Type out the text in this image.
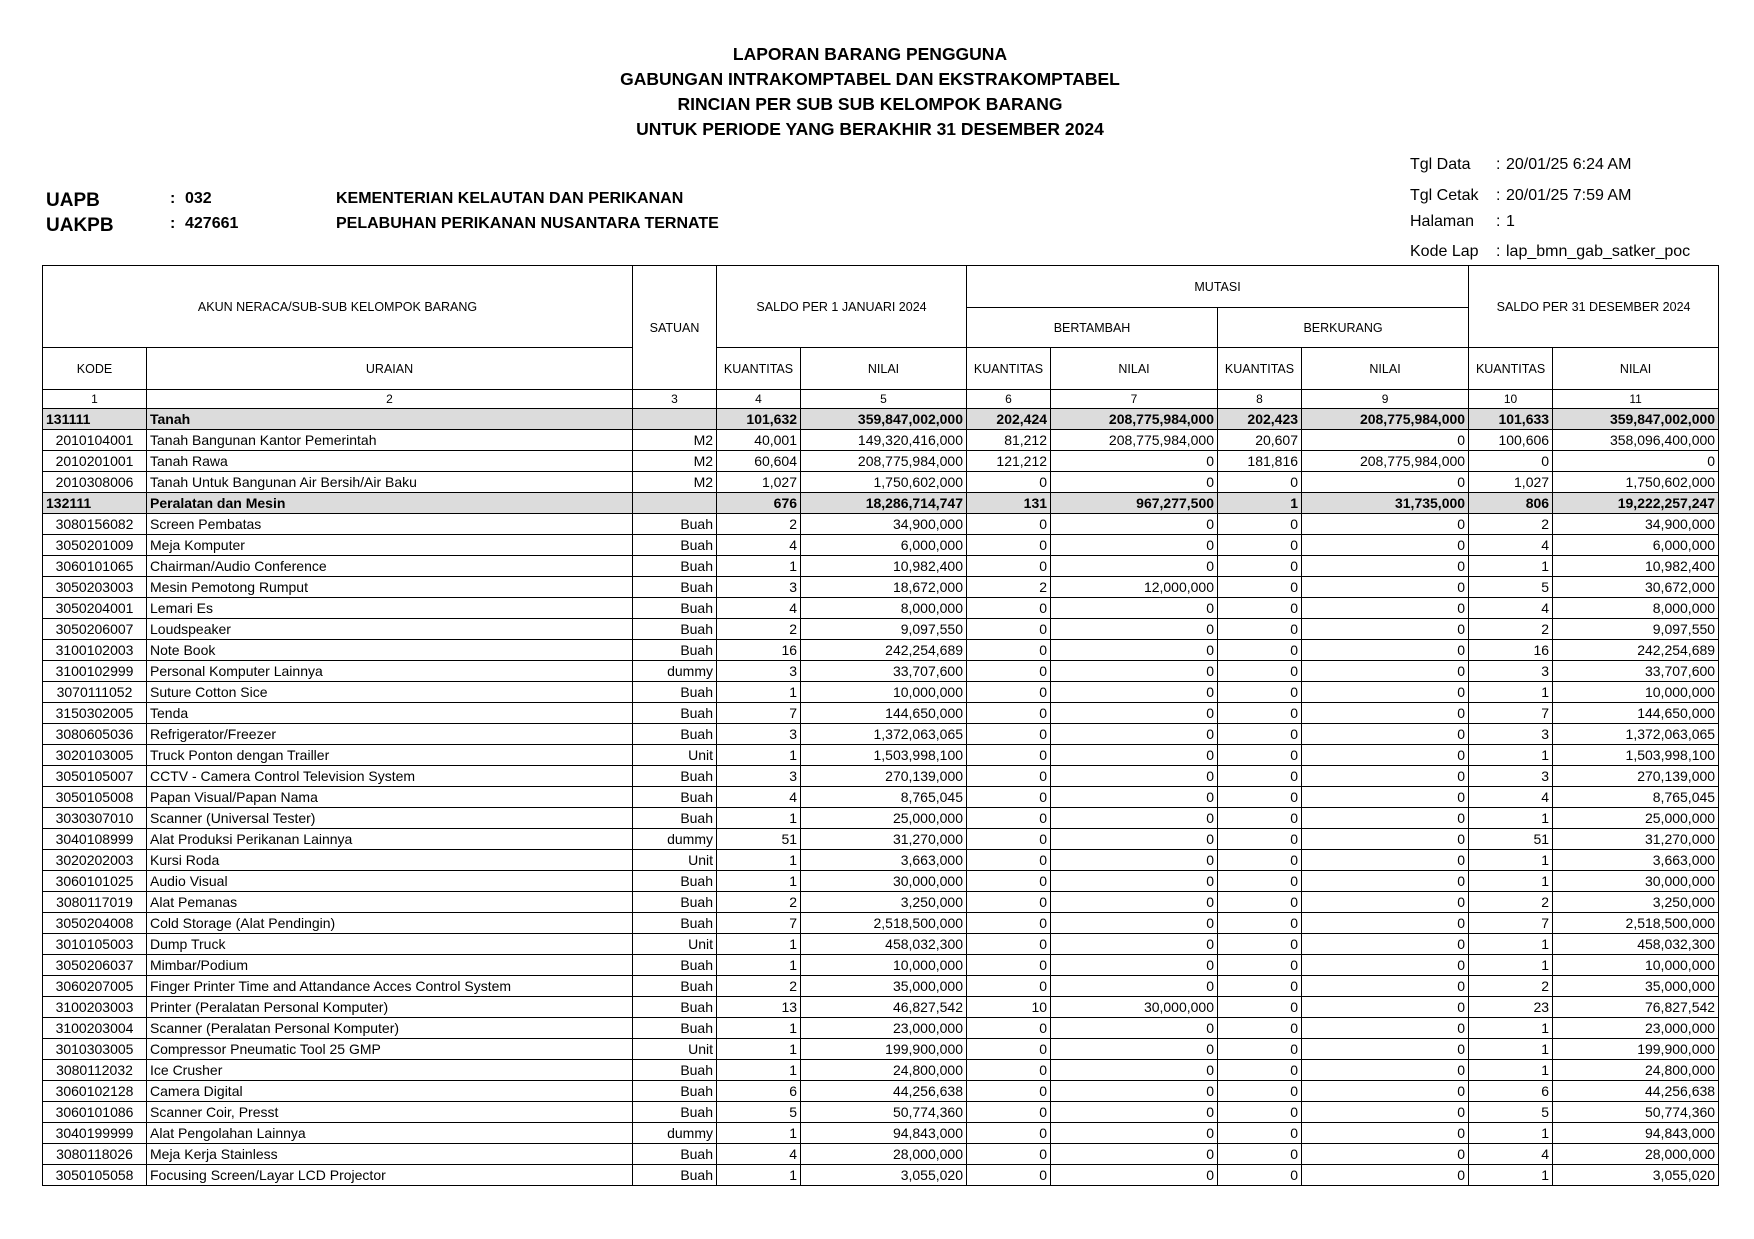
LAPORAN BARANG PENGGUNA
GABUNGAN INTRAKOMPTABEL DAN EKSTRAKOMPTABEL
RINCIAN PER SUB SUB KELOMPOK BARANG
UNTUK PERIODE YANG BERAKHIR 31 DESEMBER 2024
UAPB	: 032	KEMENTERIAN KELAUTAN DAN PERIKANAN
UAKPB	: 427661	PELABUHAN PERIKANAN NUSANTARA TERNATE
Tgl Data : 20/01/25 6:24 AM
Tgl Cetak : 20/01/25 7:59 AM
Halaman : 1
Kode Lap : lap_bmn_gab_satker_poc
AKUN NERACA/SUB-SUB KELOMPOK BARANG		SATUAN	SALDO PER 1 JANUARI 2024		MUTASI				SALDO PER 31 DESEMBER 2024	
					BERTAMBAH		BERKURANG			
KODE	URAIAN		KUANTITAS	NILAI	KUANTITAS	NILAI	KUANTITAS	NILAI	KUANTITAS	NILAI
1	2	3	4	5	6	7	8	9	10	11
131111	Tanah		101,632	359,847,002,000	202,424	208,775,984,000	202,423	208,775,984,000	101,633	359,847,002,000
2010104001	Tanah Bangunan Kantor Pemerintah	M2	40,001	149,320,416,000	81,212	208,775,984,000	20,607	0	100,606	358,096,400,000
2010201001	Tanah Rawa	M2	60,604	208,775,984,000	121,212	0	181,816	208,775,984,000	0	0
2010308006	Tanah Untuk Bangunan Air Bersih/Air Baku	M2	1,027	1,750,602,000	0	0	0	0	1,027	1,750,602,000
132111	Peralatan dan Mesin		676	18,286,714,747	131	967,277,500	1	31,735,000	806	19,222,257,247
3080156082	Screen Pembatas	Buah	2	34,900,000	0	0	0	0	2	34,900,000
3050201009	Meja Komputer	Buah	4	6,000,000	0	0	0	0	4	6,000,000
3060101065	Chairman/Audio Conference	Buah	1	10,982,400	0	0	0	0	1	10,982,400
3050203003	Mesin Pemotong Rumput	Buah	3	18,672,000	2	12,000,000	0	0	5	30,672,000
3050204001	Lemari Es	Buah	4	8,000,000	0	0	0	0	4	8,000,000
3050206007	Loudspeaker	Buah	2	9,097,550	0	0	0	0	2	9,097,550
3100102003	Note Book	Buah	16	242,254,689	0	0	0	0	16	242,254,689
3100102999	Personal Komputer Lainnya	dummy	3	33,707,600	0	0	0	0	3	33,707,600
3070111052	Suture Cotton Sice	Buah	1	10,000,000	0	0	0	0	1	10,000,000
3150302005	Tenda	Buah	7	144,650,000	0	0	0	0	7	144,650,000
3080605036	Refrigerator/Freezer	Buah	3	1,372,063,065	0	0	0	0	3	1,372,063,065
3020103005	Truck Ponton dengan Trailler	Unit	1	1,503,998,100	0	0	0	0	1	1,503,998,100
3050105007	CCTV - Camera Control Television System	Buah	3	270,139,000	0	0	0	0	3	270,139,000
3050105008	Papan Visual/Papan Nama	Buah	4	8,765,045	0	0	0	0	4	8,765,045
3030307010	Scanner (Universal Tester)	Buah	1	25,000,000	0	0	0	0	1	25,000,000
3040108999	Alat Produksi Perikanan Lainnya	dummy	51	31,270,000	0	0	0	0	51	31,270,000
3020202003	Kursi Roda	Unit	1	3,663,000	0	0	0	0	1	3,663,000
3060101025	Audio Visual	Buah	1	30,000,000	0	0	0	0	1	30,000,000
3080117019	Alat Pemanas	Buah	2	3,250,000	0	0	0	0	2	3,250,000
3050204008	Cold Storage (Alat Pendingin)	Buah	7	2,518,500,000	0	0	0	0	7	2,518,500,000
3010105003	Dump Truck	Unit	1	458,032,300	0	0	0	0	1	458,032,300
3050206037	Mimbar/Podium	Buah	1	10,000,000	0	0	0	0	1	10,000,000
3060207005	Finger Printer Time and Attandance Acces Control System	Buah	2	35,000,000	0	0	0	0	2	35,000,000
3100203003	Printer (Peralatan Personal Komputer)	Buah	13	46,827,542	10	30,000,000	0	0	23	76,827,542
3100203004	Scanner (Peralatan Personal Komputer)	Buah	1	23,000,000	0	0	0	0	1	23,000,000
3010303005	Compressor Pneumatic Tool 25 GMP	Unit	1	199,900,000	0	0	0	0	1	199,900,000
3080112032	Ice Crusher	Buah	1	24,800,000	0	0	0	0	1	24,800,000
3060102128	Camera Digital	Buah	6	44,256,638	0	0	0	0	6	44,256,638
3060101086	Scanner Coir, Presst	Buah	5	50,774,360	0	0	0	0	5	50,774,360
3040199999	Alat Pengolahan Lainnya	dummy	1	94,843,000	0	0	0	0	1	94,843,000
3080118026	Meja Kerja Stainless	Buah	4	28,000,000	0	0	0	0	4	28,000,000
3050105058	Focusing Screen/Layar LCD Projector	Buah	1	3,055,020	0	0	0	0	1	3,055,020
